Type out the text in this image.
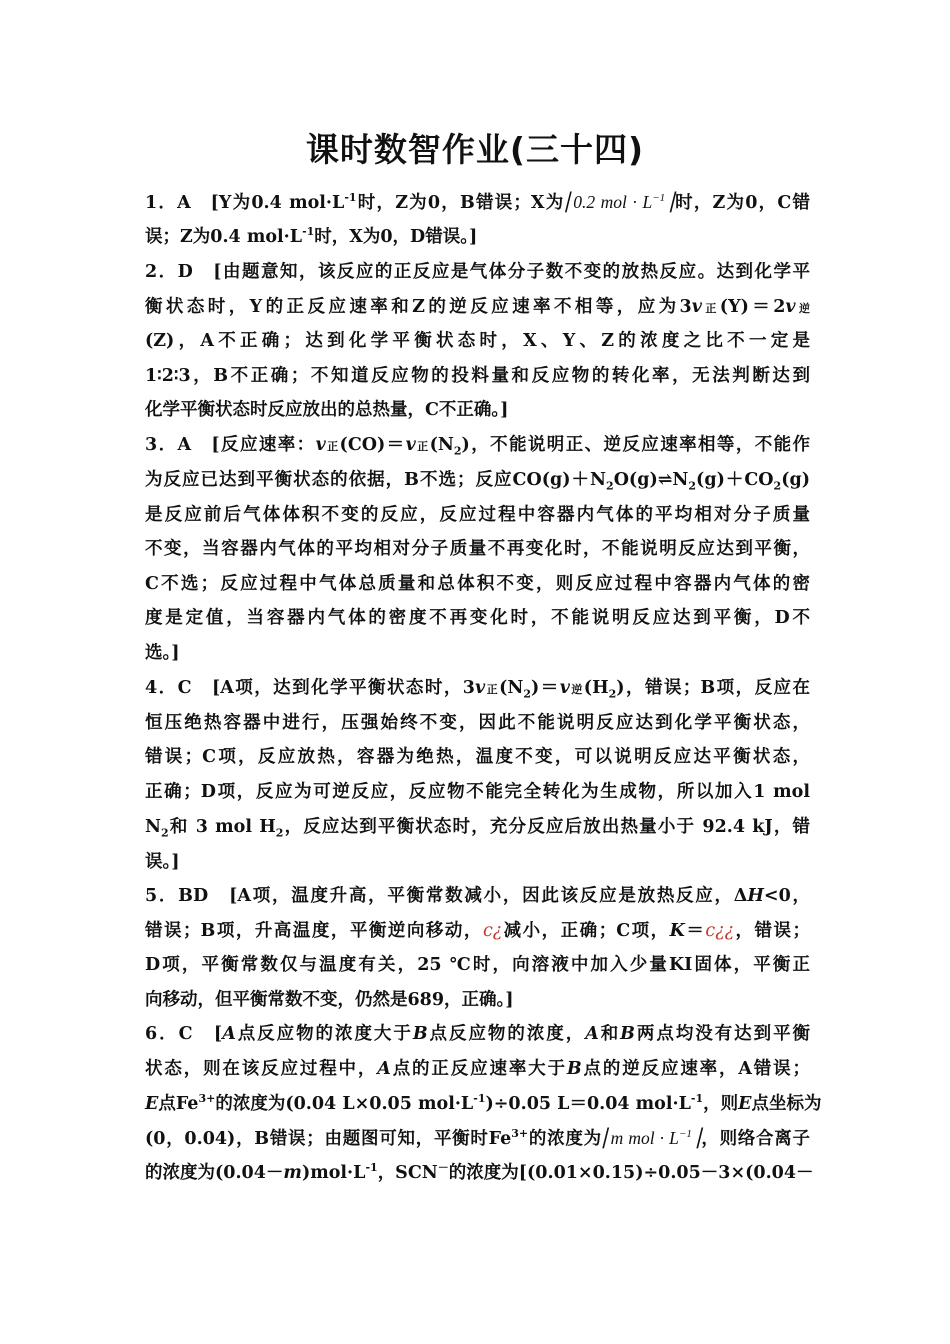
课时数智作业(三十四)
1．A　[Y为0.4 $mol\cdot L^{-1}$时，Z为0，B错误；X为⎜0.2 mol · $L^{-1}⎟$时，Z为0，C错
误；Z为0.4 $mol\cdot L^{-1}$时，X为0，D错误。]
2．D　[由题意知，该反应的正反应是气体分子数不变的放热反应。达到化学平
衡状态时，Y的正反应速率和Z的逆反应速率不相等，应为3v正(Y)＝2v逆
(Z)，A不正确；达到化学平衡状态时，X、Y、Z的浓度之比不一定是
1∶2∶3，B不正确；不知道反应物的投料量和反应物的转化率，无法判断达到
化学平衡状态时反应放出的总热量，C不正确。]
3．A　[反应速率：v正(CO)＝v正$(N_2)$，不能说明正、逆反应速率相等，不能作
为反应已达到平衡状态的依据，B不选；反应$CO(g)+N_2O(g)\rightleftharpoons N_2(g)+CO_2(g)$
是反应前后气体体积不变的反应，反应过程中容器内气体的平均相对分子质量
不变，当容器内气体的平均相对分子质量不再变化时，不能说明反应达到平衡，
C不选；反应过程中气体总质量和总体积不变，则反应过程中容器内气体的密
度是定值，当容器内气体的密度不再变化时，不能说明反应达到平衡，D不
选。]
4．C　[A项，达到化学平衡状态时，3v正$(N_2)=v$逆$(H_2)$，错误；B项，反应在
恒压绝热容器中进行，压强始终不变，因此不能说明反应达到化学平衡状态，
错误；C项，反应放热，容器为绝热，温度不变，可以说明反应达平衡状态，
正确；D项，反应为可逆反应，反应物不能完全转化为生成物，所以加入1 mol
$N_2$和 3 mol $H_2$，反应达到平衡状态时，充分反应后放出热量小于 92.4 kJ，错
误。]
5．BD　[A项，温度升高，平衡常数减小，因此该反应是放热反应，ΔH<0，
错误；B项，升高温度，平衡逆向移动，c¿减小，正确；C项，K＝c¿¿，错误；
D项，平衡常数仅与温度有关，25 ℃时，向溶液中加入少量KI固体，平衡正
向移动，但平衡常数不变，仍然是689，正确。]
6．C　[A点反应物的浓度大于B点反应物的浓度，A和B两点均没有达到平衡
状态，则在该反应过程中，A点的正反应速率大于B点的逆反应速率，A错误；
E点$Fe^{3+}$的浓度为(0.04 L×0.05 $mol\cdot L^{-1})\div 0.05$ L＝0.04 $mol\cdot L^{-1}$，则E点坐标为
(0，0.04)，B错误；由题图可知，平衡时$Fe^{3+}$的浓度为⎜m mol · $L^{-1}⎟$，则络合离子
的浓度为$(0.04-m)mol\cdot L^{-1}$，SCN－的浓度为[(0.01×0.15)÷0.05－3×(0.04－
